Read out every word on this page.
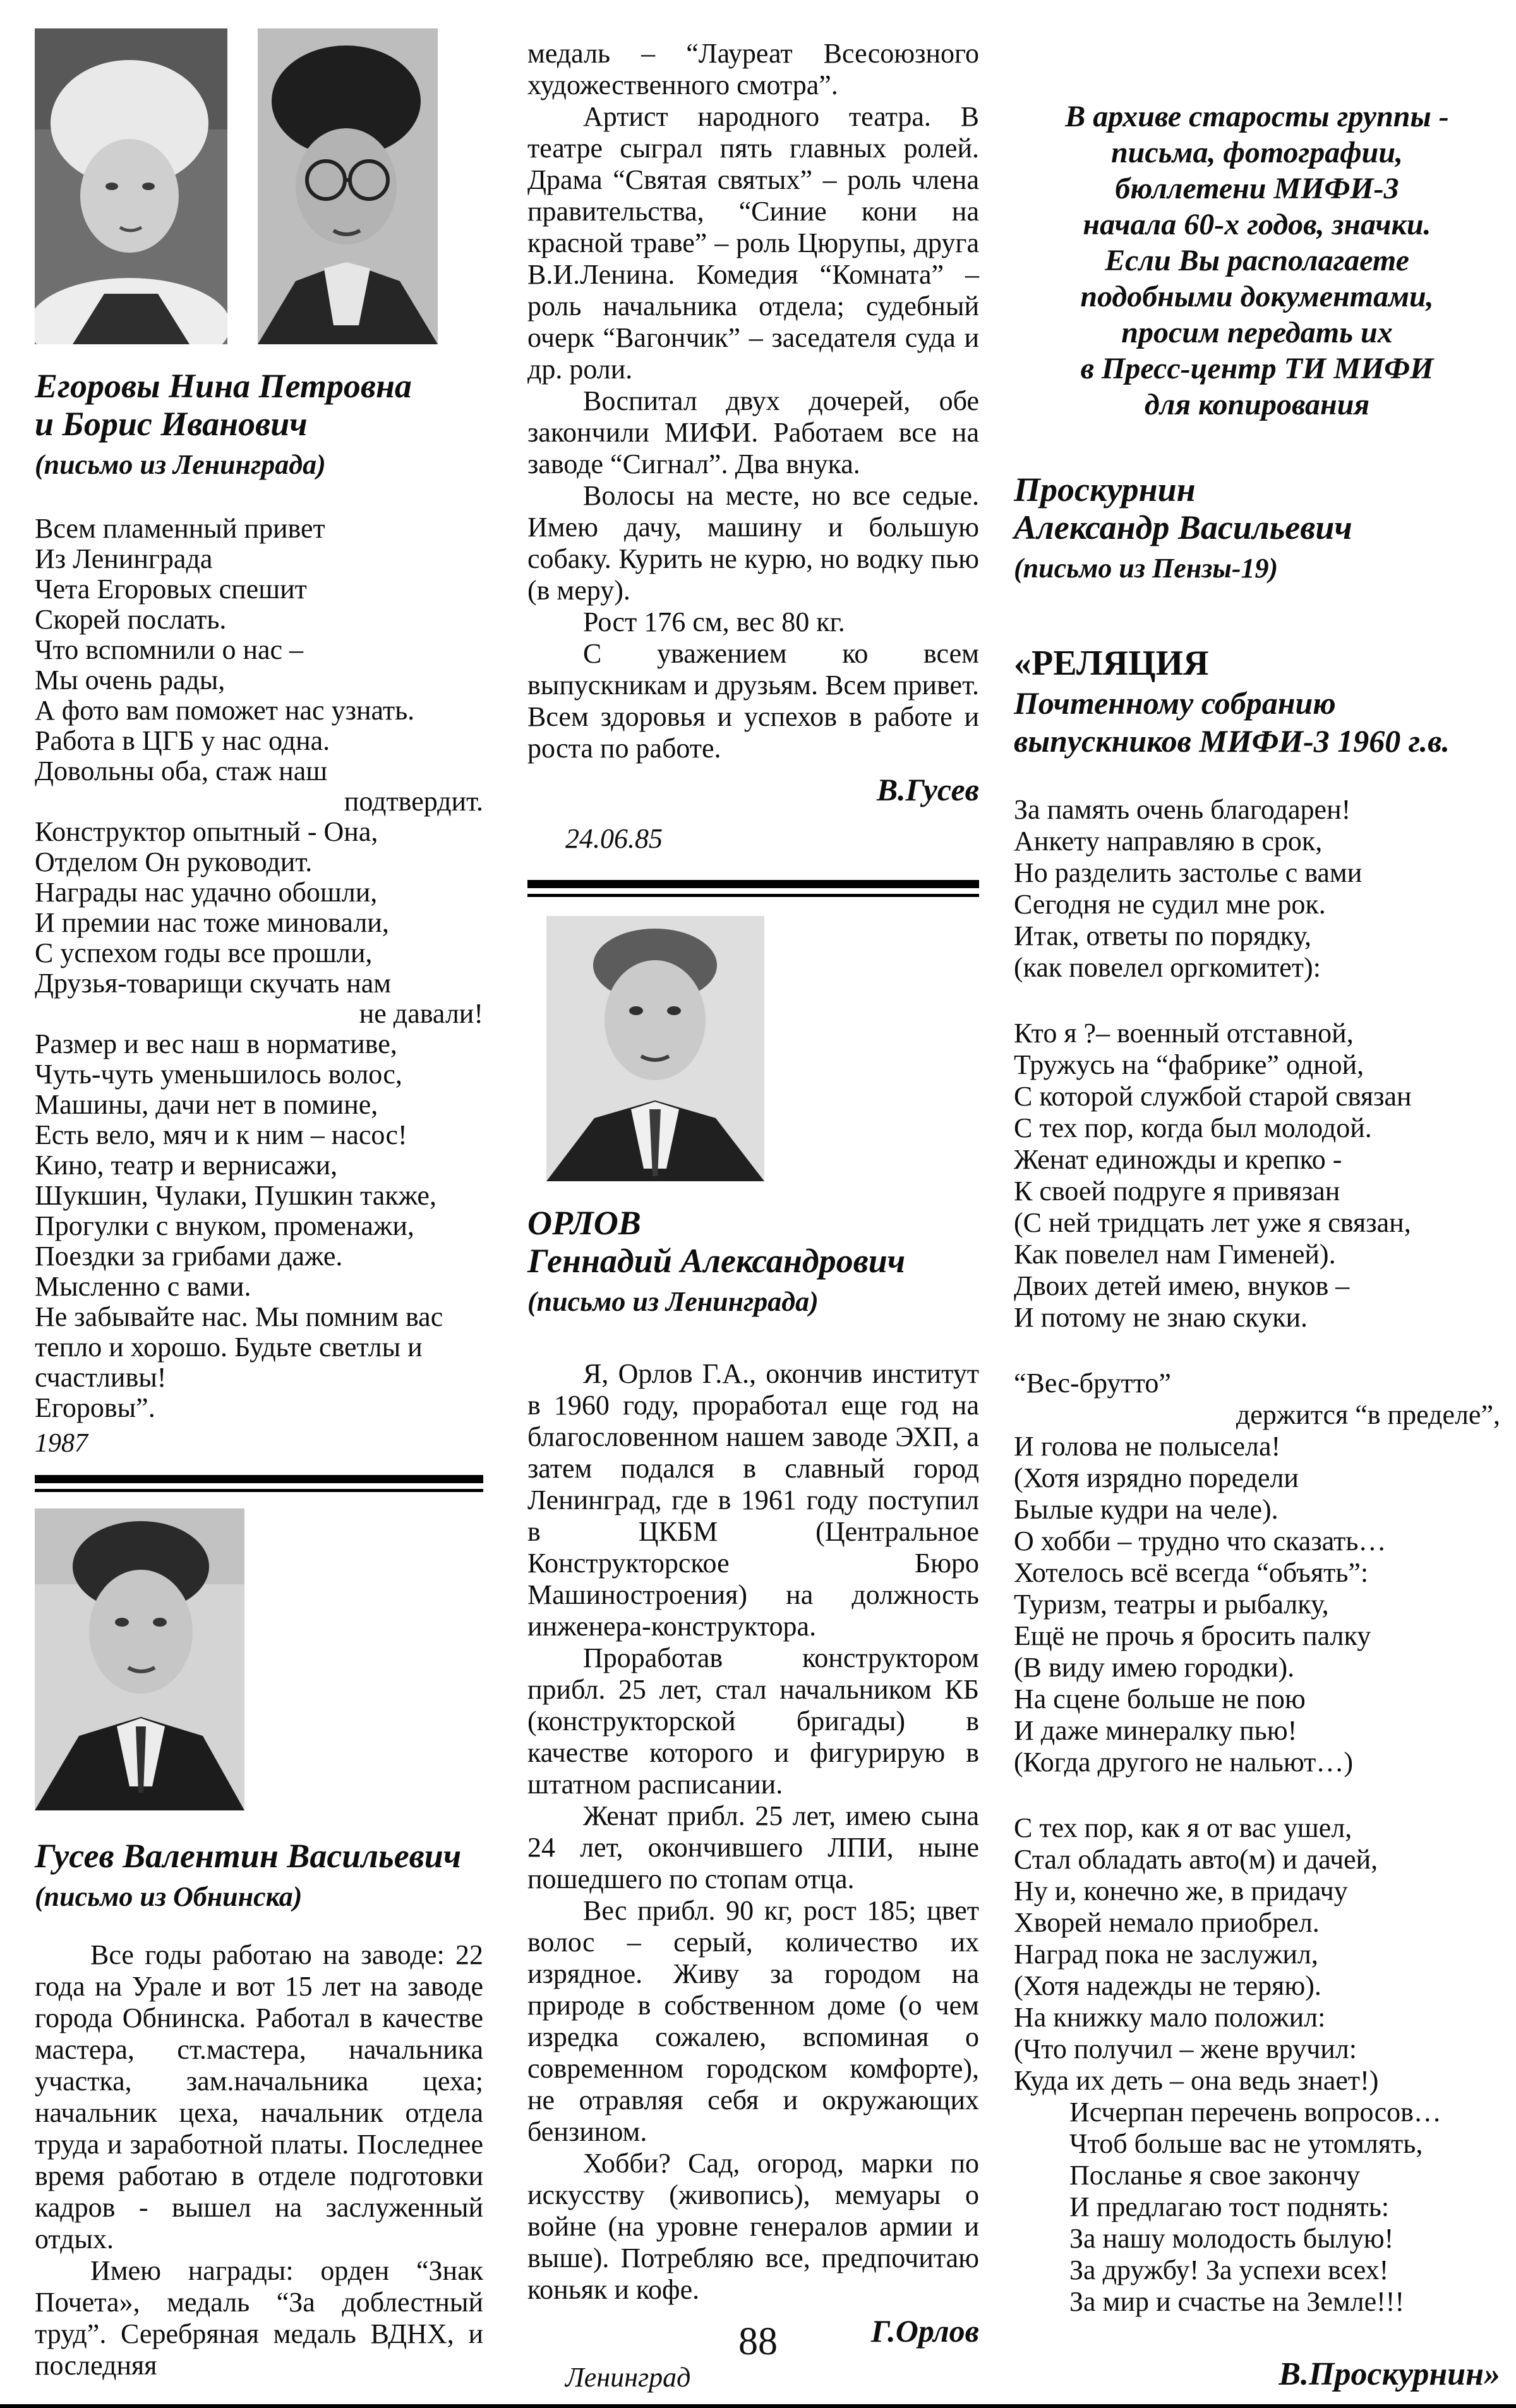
Егоровы Нина Петровна
и Борис Иванович
(письмо из Ленинграда)
Всем пламенный привет
Из Ленинграда
Чета Егоровых спешит
Скорей послать.
Что вспомнили о нас –
Мы очень рады,
А фото вам поможет нас узнать.
Работа в ЦГБ у нас одна.
Довольны оба, стаж наш
подтвердит.
Конструктор опытный - Она,
Отделом Он руководит.
Награды нас удачно обошли,
И премии нас тоже миновали,
С успехом годы все прошли,
Друзья-товарищи скучать нам
не давали!
Размер и вес наш в нормативе,
Чуть-чуть уменьшилось волос,
Машины, дачи нет в помине,
Есть вело, мяч и к ним – насос!
Кино, театр и вернисажи,
Шукшин, Чулаки, Пушкин также,
Прогулки с внуком, променажи,
Поездки за грибами даже.
Мысленно с вами.
Не забывайте нас. Мы помним вас
тепло и хорошо. Будьте светлы и
счастливы!
Егоровы”.
1987
Гусев Валентин Васильевич
(письмо из Обнинска)
Все годы работаю на заводе: 22 года на Урале и вот 15 лет на заводе города Обнинска. Работал в качестве мастера, ст.мастера, начальника участка, зам.начальника цеха; начальник цеха, начальник отдела труда и заработной платы. Последнее время работаю в отделе подготовки кадров - вышел на заслуженный отдых.
Имею награды: орден “Знак Почета», медаль “За доблестный труд”. Серебряная медаль ВДНХ, и последняя
медаль – “Лауреат Всесоюзного художественного смотра”.
Артист народного театра. В театре сыграл пять главных ролей. Драма “Святая святых” – роль члена правительства, “Синие кони на красной траве” – роль Цюрупы, друга В.И.Ленина. Комедия “Комната” – роль начальника отдела; судебный очерк “Вагончик” – заседателя суда и др. роли.
Воспитал двух дочерей, обе закончили МИФИ. Работаем все на заводе “Сигнал”. Два внука.
Волосы на месте, но все седые. Имею дачу, машину и большую собаку. Курить не курю, но водку пью (в меру).
Рост 176 см, вес 80 кг.
С уважением ко всем выпускникам и друзьям. Всем привет. Всем здоровья и успехов в работе и роста по работе.
В.Гусев
24.06.85
ОРЛОВ
Геннадий Александрович
(письмо из Ленинграда)
Я, Орлов Г.А., окончив институт в 1960 году, проработал еще год на благословенном нашем заводе ЭХП, а затем подался в славный город Ленинград, где в 1961 году поступил в ЦКБМ (Центральное Конструкторское Бюро Машиностроения) на должность инженера-конструктора.
Проработав конструктором прибл. 25 лет, стал начальником КБ (конструкторской бригады) в качестве которого и фигурирую в штатном расписании.
Женат прибл. 25 лет, имею сына 24 лет, окончившего ЛПИ, ныне пошедшего по стопам отца.
Вес прибл. 90 кг, рост 185; цвет волос – серый, количество их изрядное. Живу за городом на природе в собственном доме (о чем изредка сожалею, вспоминая о современном городском комфорте), не отравляя себя и окружающих бензином.
Хобби? Сад, огород, марки по искусству (живопись), мемуары о войне (на уровне генералов армии и выше). Потребляю все, предпочитаю коньяк и кофе.
Г.Орлов
Ленинград
В архиве старосты группы -
письма, фотографии,
бюллетени МИФИ-3
начала 60-х годов, значки.
Если Вы располагаете
подобными документами,
просим передать их
в Пресс-центр ТИ МИФИ
для копирования
Проскурнин
Александр Васильевич
(письмо из Пензы-19)
«РЕЛЯЦИЯ
Почтенному собранию
выпускников МИФИ-3 1960 г.в.
За память очень благодарен!
Анкету направляю в срок,
Но разделить застолье с вами
Сегодня не судил мне рок.
Итак, ответы по порядку,
(как повелел оргкомитет):
Кто я ?– военный отставной,
Тружусь на “фабрике” одной,
С которой службой старой связан
С тех пор, когда был молодой.
Женат единожды и крепко -
К своей подруге я привязан
(С ней тридцать лет уже я связан,
Как повелел нам Гименей).
Двоих детей имею, внуков –
И потому не знаю скуки.
“Вес-брутто”
держится “в пределе”,
И голова не полысела!
(Хотя изрядно поредели
Былые кудри на челе).
О хобби – трудно что сказать…
Хотелось всё всегда “объять”:
Туризм, театры и рыбалку,
Ещё не прочь я бросить палку
(В виду имею городки).
На сцене больше не пою
И даже минералку пью!
(Когда другого не нальют…)
С тех пор, как я от вас ушел,
Стал обладать авто(м) и дачей,
Ну и, конечно же, в придачу
Хворей немало приобрел.
Наград пока не заслужил,
(Хотя надежды не теряю).
На книжку мало положил:
(Что получил – жене вручил:
Куда их деть – она ведь знает!)
Исчерпан перечень вопросов…
Чтоб больше вас не утомлять,
Посланье я свое закончу
И предлагаю тост поднять:
За нашу молодость былую!
За дружбу! За успехи всех!
За мир и счастье на Земле!!!
В.Проскурнин»
88
